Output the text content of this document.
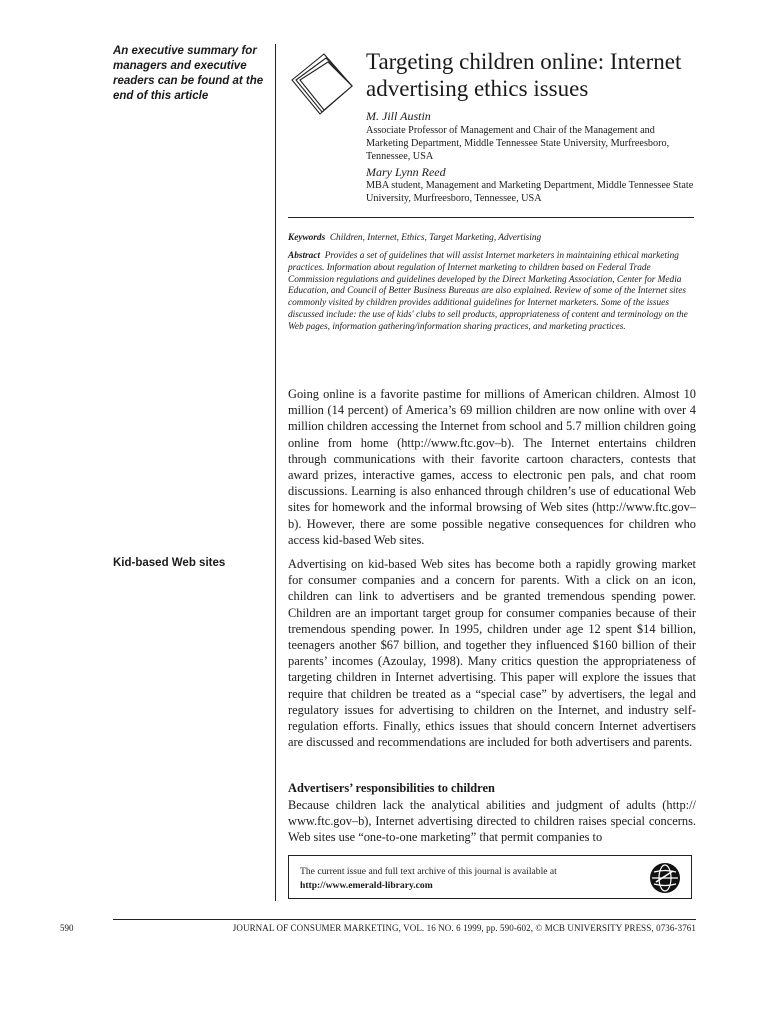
An executive summary for managers and executive readers can be found at the end of this article
Targeting children online: Internet advertising ethics issues
M. Jill Austin
Associate Professor of Management and Chair of the Management and Marketing Department, Middle Tennessee State University, Murfreesboro, Tennessee, USA
Mary Lynn Reed
MBA student, Management and Marketing Department, Middle Tennessee State University, Murfreesboro, Tennessee, USA
Keywords Children, Internet, Ethics, Target Marketing, Advertising
Abstract Provides a set of guidelines that will assist Internet marketers in maintaining ethical marketing practices. Information about regulation of Internet marketing to children based on Federal Trade Commission regulations and guidelines developed by the Direct Marketing Association, Center for Media Education, and Council of Better Business Bureaus are also explained. Review of some of the Internet sites commonly visited by children provides additional guidelines for Internet marketers. Some of the issues discussed include: the use of kids' clubs to sell products, appropriateness of content and terminology on the Web pages, information gathering/information sharing practices, and marketing practices.

Going online is a favorite pastime for millions of American children. Almost 10 million (14 percent) of America’s 69 million children are now online with over 4 million children accessing the Internet from school and 5.7 million children going online from home (http://www.ftc.gov–b). The Internet entertains children through communications with their favorite cartoon characters, contests that award prizes, interactive games, access to electronic pen pals, and chat room discussions. Learning is also enhanced through children’s use of educational Web sites for homework and the informal browsing of Web sites (http://www.ftc.gov–b). However, there are some possible negative consequences for children who access kid-based Web sites.

Kid-based Web sites	Advertising on kid-based Web sites has become both a rapidly growing market for consumer companies and a concern for parents. With a click on an icon, children can link to advertisers and be granted tremendous spending power. Children are an important target group for consumer companies because of their tremendous spending power. In 1995, children under age 12 spent $14 billion, teenagers another $67 billion, and together they influenced $160 billion of their parents’ incomes (Azoulay, 1998). Many critics question the appropriateness of targeting children in Internet advertising. This paper will explore the issues that require that children be treated as a “special case” by advertisers, the legal and regulatory issues for advertising to children on the Internet, and industry self-regulation efforts. Finally, ethics issues that should concern Internet advertisers are discussed and recommendations are included for both advertisers and parents.

Advertisers’ responsibilities to children

Because children lack the analytical abilities and judgment of adults (http:// www.ftc.gov–b), Internet advertising directed to children raises special concerns. Web sites use “one-to-one marketing” that permit companies to

The current issue and full text archive of this journal is available at
http://www.emerald-library.com
590	JOURNAL OF CONSUMER MARKETING, VOL. 16 NO. 6 1999, pp. 590-602, © MCB UNIVERSITY PRESS, 0736-3761
